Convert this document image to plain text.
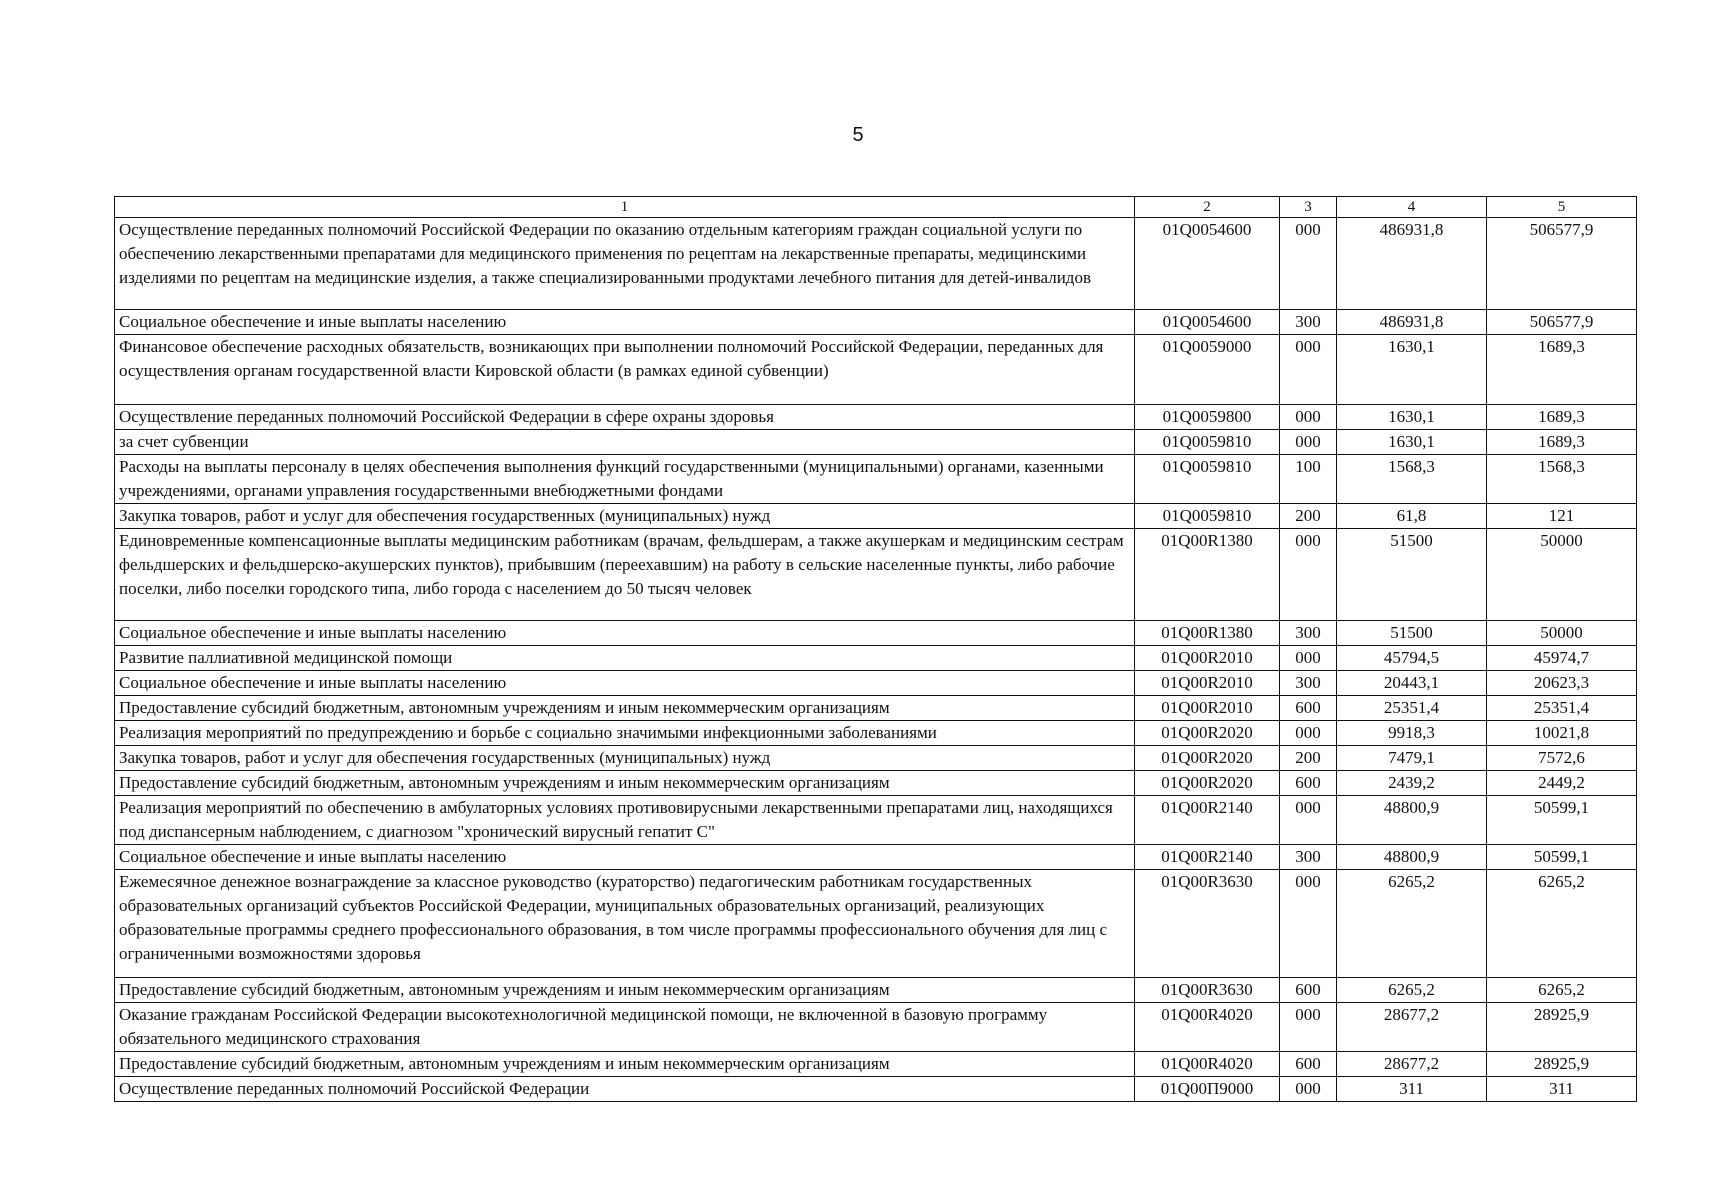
5
1	2	3	4	5
Осуществление переданных полномочий Российской Федерации по оказанию отдельным категориям граждан социальной услуги по обеспечению лекарственными препаратами для медицинского применения по рецептам на лекарственные препараты, медицинскими изделиями по рецептам на медицинские изделия, а также специализированными продуктами лечебного питания для детей-инвалидов	01Q0054600	000	486931,8	506577,9
Социальное обеспечение и иные выплаты населению	01Q0054600	300	486931,8	506577,9
Финансовое обеспечение расходных обязательств, возникающих при выполнении полномочий Российской Федерации, переданных для осуществления органам государственной власти Кировской области (в рамках единой субвенции)	01Q0059000	000	1630,1	1689,3
Осуществление переданных полномочий Российской Федерации в сфере охраны здоровья	01Q0059800	000	1630,1	1689,3
за счет субвенции	01Q0059810	000	1630,1	1689,3
Расходы на выплаты персоналу в целях обеспечения выполнения функций государственными (муниципальными) органами, казенными учреждениями, органами управления государственными внебюджетными фондами	01Q0059810	100	1568,3	1568,3
Закупка товаров, работ и услуг для обеспечения государственных (муниципальных) нужд	01Q0059810	200	61,8	121
Единовременные компенсационные выплаты медицинским работникам (врачам, фельдшерам, а также акушеркам и медицинским сестрам фельдшерских и фельдшерско-акушерских пунктов), прибывшим (переехавшим) на работу в сельские населенные пункты, либо рабочие поселки, либо поселки городского типа, либо города с населением до 50 тысяч человек	01Q00R1380	000	51500	50000
Социальное обеспечение и иные выплаты населению	01Q00R1380	300	51500	50000
Развитие паллиативной медицинской помощи	01Q00R2010	000	45794,5	45974,7
Социальное обеспечение и иные выплаты населению	01Q00R2010	300	20443,1	20623,3
Предоставление субсидий бюджетным, автономным учреждениям и иным некоммерческим организациям	01Q00R2010	600	25351,4	25351,4
Реализация мероприятий по предупреждению и борьбе с социально значимыми инфекционными заболеваниями	01Q00R2020	000	9918,3	10021,8
Закупка товаров, работ и услуг для обеспечения государственных (муниципальных) нужд	01Q00R2020	200	7479,1	7572,6
Предоставление субсидий бюджетным, автономным учреждениям и иным некоммерческим организациям	01Q00R2020	600	2439,2	2449,2
Реализация мероприятий по обеспечению в амбулаторных условиях противовирусными лекарственными препаратами лиц, находящихся под диспансерным наблюдением, с диагнозом "хронический вирусный гепатит С"	01Q00R2140	000	48800,9	50599,1
Социальное обеспечение и иные выплаты населению	01Q00R2140	300	48800,9	50599,1
Ежемесячное денежное вознаграждение за классное руководство (кураторство) педагогическим работникам государственных образовательных организаций субъектов Российской Федерации, муниципальных образовательных организаций, реализующих образовательные программы среднего профессионального образования, в том числе программы профессионального обучения для лиц с ограниченными возможностями здоровья	01Q00R3630	000	6265,2	6265,2
Предоставление субсидий бюджетным, автономным учреждениям и иным некоммерческим организациям	01Q00R3630	600	6265,2	6265,2
Оказание гражданам Российской Федерации высокотехнологичной медицинской помощи, не включенной в базовую программу обязательного медицинского страхования	01Q00R4020	000	28677,2	28925,9
Предоставление субсидий бюджетным, автономным учреждениям и иным некоммерческим организациям	01Q00R4020	600	28677,2	28925,9
Осуществление переданных полномочий Российской Федерации	01Q00П9000	000	311	311
